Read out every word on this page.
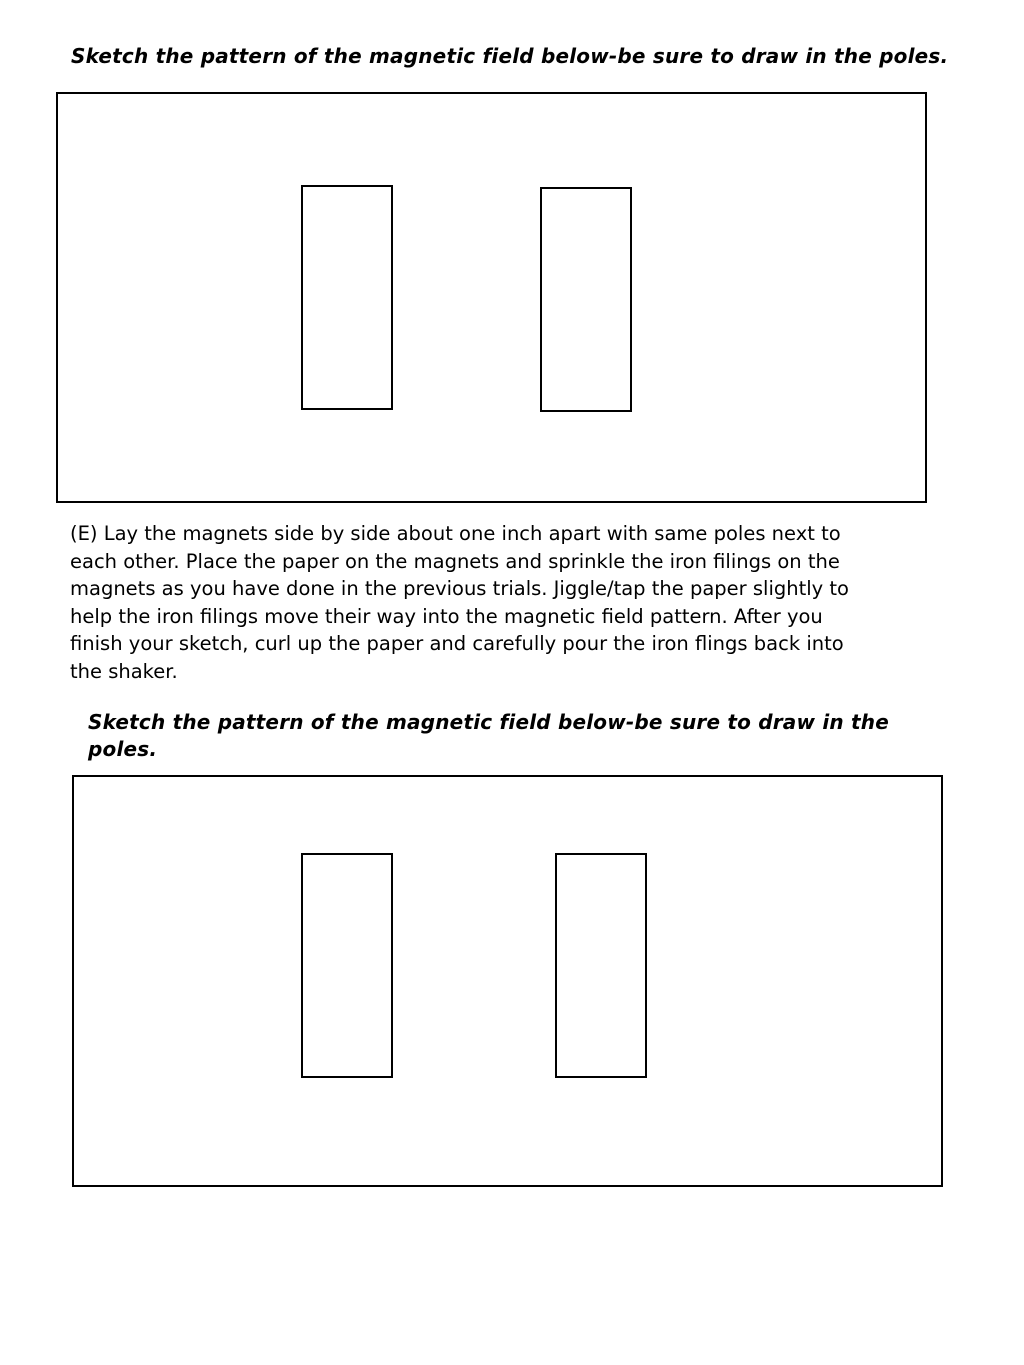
Sketch the pattern of the magnetic field below-be sure to draw in the poles.

(E) Lay the magnets side by side about one inch apart with same poles next to
each other. Place the paper on the magnets and sprinkle the iron filings on the
magnets as you have done in the previous trials. Jiggle/tap the paper slightly to
help the iron filings move their way into the magnetic field pattern. After you
finish your sketch, curl up the paper and carefully pour the iron flings back into
the shaker.

Sketch the pattern of the magnetic field below-be sure to draw in the poles.
